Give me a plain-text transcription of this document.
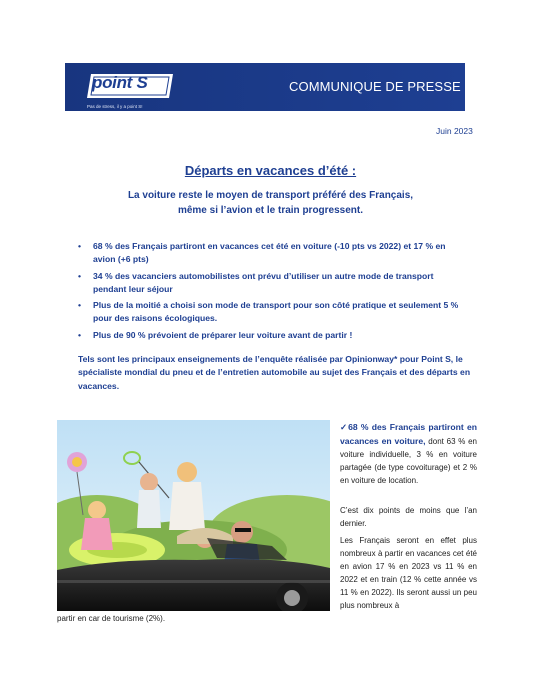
point S
Pas de stress, il y a point S!
COMMUNIQUE DE PRESSE
Juin 2023
Départs en vacances d’été :
La voiture reste le moyen de transport préféré des Français,
même si l’avion et le train progressent.
• 68 % des Français partiront en vacances cet été en voiture (-10 pts vs 2022) et 17 % en avion (+6 pts)
• 34 % des vacanciers automobilistes ont prévu d’utiliser un autre mode de transport pendant leur séjour
• Plus de la moitié a choisi son mode de transport pour son côté pratique et seulement 5 % pour des raisons écologiques.
• Plus de 90 % prévoient de préparer leur voiture avant de partir !
Tels sont les principaux enseignements de l’enquête réalisée par Opinionway* pour Point S, le spécialiste mondial du pneu et de l’entretien automobile au sujet des Français et des départs en vacances.
✓68 % des Français partiront en vacances en voiture, dont 63 % en voiture individuelle, 3 % en voiture partagée (de type covoiturage) et 2 % en voiture de location.
C’est dix points de moins que l’an dernier.
Les Français seront en effet plus nombreux à partir en vacances cet été en avion 17 % en 2023 vs 11 % en 2022 et en train (12 % cette année vs 11 % en 2022). Ils seront aussi un peu plus nombreux à
partir en car de tourisme (2%).
